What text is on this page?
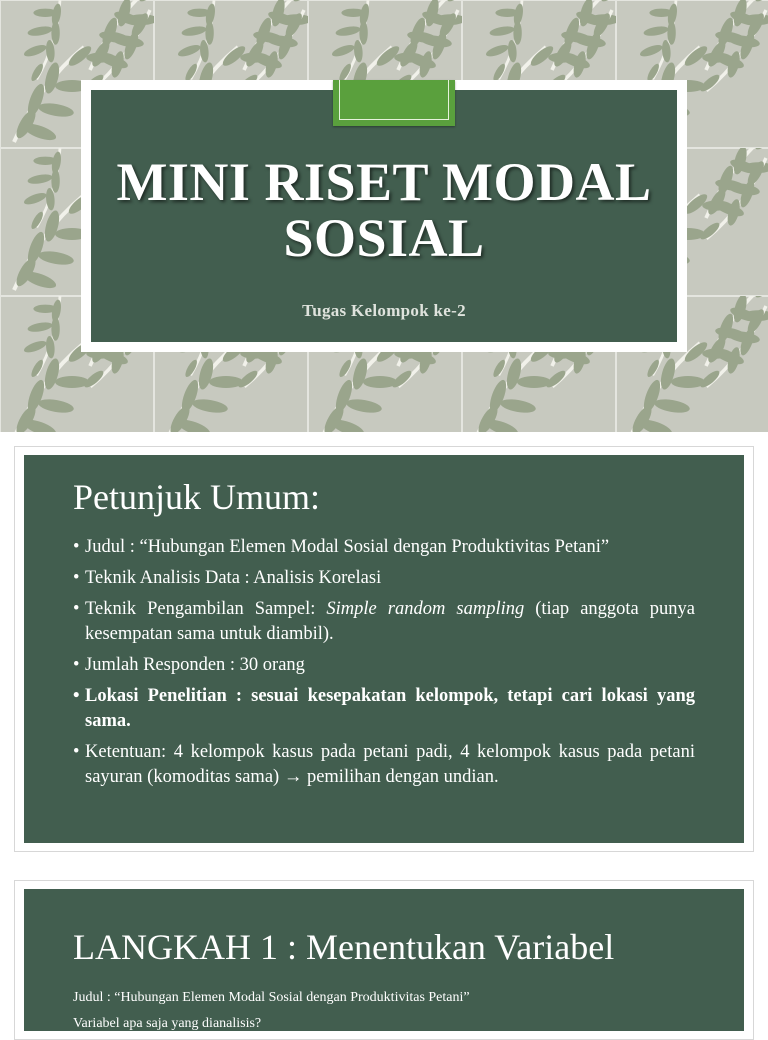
MINI RISET MODAL SOSIAL
Tugas Kelompok ke-2
Petunjuk Umum:
• Judul : “Hubungan Elemen Modal Sosial dengan Produktivitas Petani”
• Teknik Analisis Data : Analisis Korelasi
• Teknik Pengambilan Sampel: Simple random sampling (tiap anggota punya kesempatan sama untuk diambil).
• Jumlah Responden : 30 orang
• Lokasi Penelitian : sesuai kesepakatan kelompok, tetapi cari lokasi yang sama.
• Ketentuan: 4 kelompok kasus pada petani padi, 4 kelompok kasus pada petani sayuran (komoditas sama) → pemilihan dengan undian.
LANGKAH 1 : Menentukan Variabel
Judul : “Hubungan Elemen Modal Sosial dengan Produktivitas Petani”
Variabel apa saja yang dianalisis?
